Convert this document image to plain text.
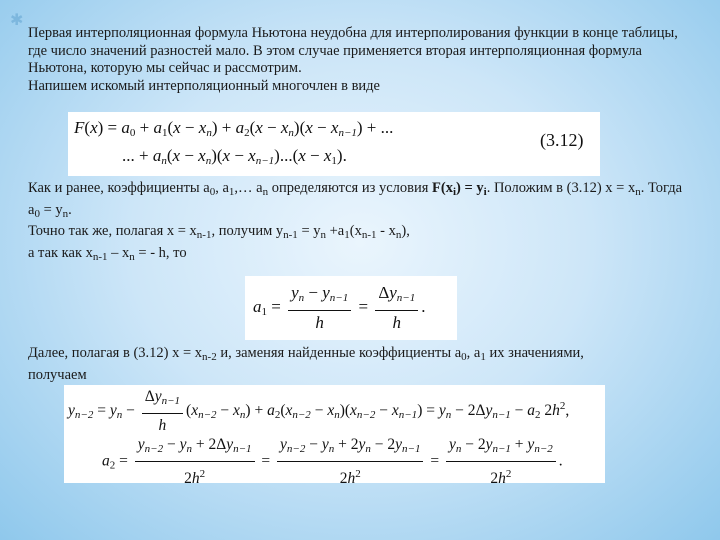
✱

Первая интерполяционная формула Ньютона неудобна для интерполирования функции в конце таблицы, где число значений разностей мало. В этом случае применяется вторая интерполяционная формула Ньютона, которую мы сейчас и рассмотрим.
Напишем искомый интерполяционный многочлен в виде

$F(x) = a_0 + a_1(x - x_n) + a_2(x - x_n)(x - x_{n-1})$ + ...
... + $a_n(x - x_n)(x - x_{n-1})...(x - x_1)$.
(3.12)

Как и ранее, коэффициенты $a_0$, $a_1,\dots$ $a_n$ определяются из условия $F(x_i) = y_i$. Положим в (3.12) $x = x_n$. Тогда $a_0 = y_n$.
Точно так же, полагая $x = x_{n-1}$, получим $y_{n-1} = y_n +a_1(x_{n-1} - x_n)$,
а так как $x_{n-1} - x_n$ = - h, то

$a_1 = \frac{y_n - y_{n-1}}{h} = \frac{\Delta y_{n-1}}{h}$ .

Далее, полагая в (3.12) $x = x_{n-2}$ и, заменяя найденные коэффициенты $a_0$, $a_1$ их значениями,
получаем

$y_{n-2} = y_n - \frac{\Delta y_{n-1}}{h} (x_{n-2} - x_n) + a_2(x_{n-2} - x_n)(x_{n-2} - x_{n-1}) = y_n - 2\Delta y_{n-1} - a_2$ $2h^2$,
$a_2 = \frac{y_{n-2} - y_n + 2\Delta y_{n-1}}{2h^2} = \frac{y_{n-2} - y_n + 2y_n - 2y_{n-1}}{2h^2} = \frac{y_n - 2y_{n-1} + y_{n-2}}{2h^2}$ .
